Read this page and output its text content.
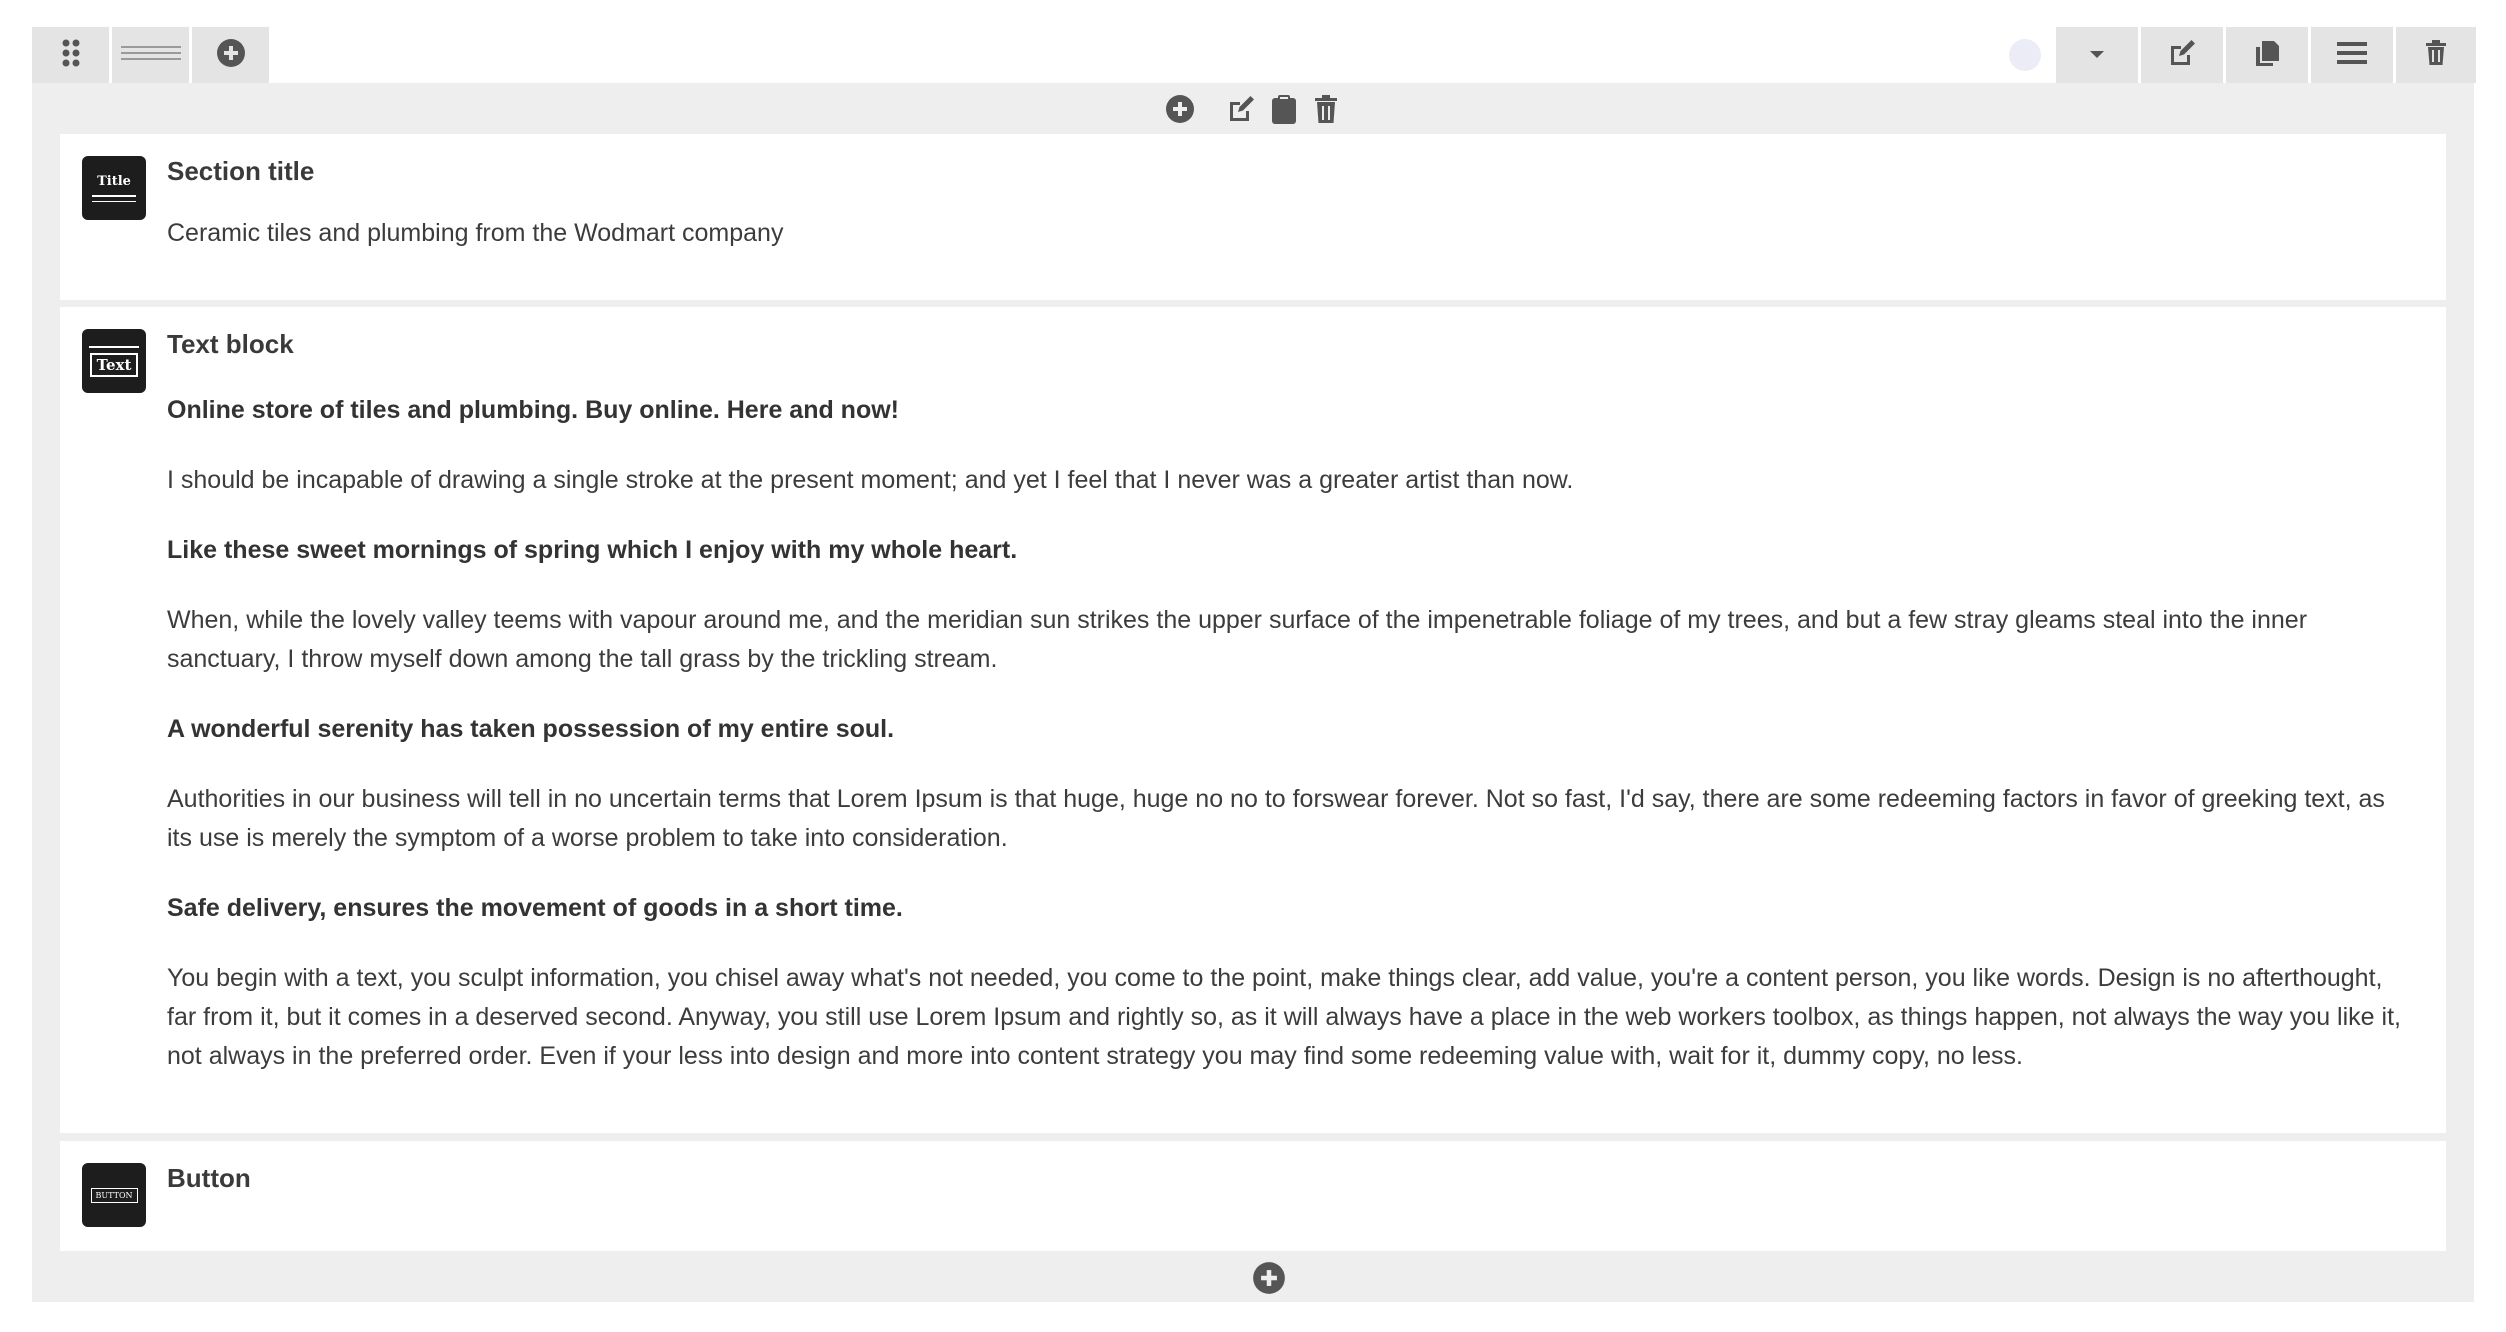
Title Section title
Ceramic tiles and plumbing from the Wodmart company
Text
Text block

Online store of tiles and plumbing. Buy online. Here and now!

I should be incapable of drawing a single stroke at the present moment; and yet I feel that I never was a greater artist than now.

Like these sweet mornings of spring which I enjoy with my whole heart.

When, while the lovely valley teems with vapour around me, and the meridian sun strikes the upper surface of the impenetrable foliage of my trees, and but a few stray gleams steal into the inner sanctuary, I throw myself down among the tall grass by the trickling stream.

A wonderful serenity has taken possession of my entire soul.

Authorities in our business will tell in no uncertain terms that Lorem Ipsum is that huge, huge no no to forswear forever. Not so fast, I'd say, there are some redeeming factors in favor of greeking text, as its use is merely the symptom of a worse problem to take into consideration.

Safe delivery, ensures the movement of goods in a short time.

You begin with a text, you sculpt information, you chisel away what's not needed, you come to the point, make things clear, add value, you're a content person, you like words. Design is no afterthought, far from it, but it comes in a deserved second. Anyway, you still use Lorem Ipsum and rightly so, as it will always have a place in the web workers toolbox, as things happen, not always the way you like it, not always in the preferred order. Even if your less into design and more into content strategy you may find some redeeming value with, wait for it, dummy copy, no less.

BUTTON
Button
